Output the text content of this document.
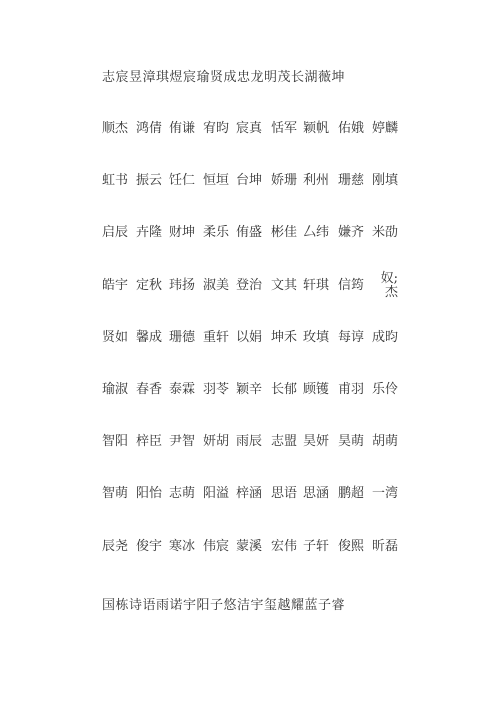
志宸昱漳琪煜宸瑜贤成忠龙明茂长湖薇坤
顺杰 鸿倩 侑谦 宥昀 宸真 恬军 颖帆 佑娥 婷麟
虹书 振云 饪仁 恒垣 台坤 娇珊 利州 珊慈 刚填
启辰 卉隆 财坤 柔乐 侑盛 彬佳 厶纬 嫌齐 米劭
皓宇 定秋 玮扬 淑美 登治 文其 轩琪 信筠	奴;杰
贤如 馨成 珊德 重轩 以娟 坤禾 玫填 每谆 成昀
瑜淑 春香 泰霖 羽苓 颖辛 长郁 顾镬 甫羽 乐伶
智阳 梓臣 尹智 妍胡 雨辰 志盟 昊妍 昊萌 胡萌
智萌 阳怡 志萌 阳溢 梓涵 思语 思涵 鹏超 一湾
辰尧 俊宇 寒冰 伟宸 蒙溪 宏伟 子轩 俊熙 昕磊
国栋诗语雨诺宇阳子悠洁宇玺越耀蓝子睿
